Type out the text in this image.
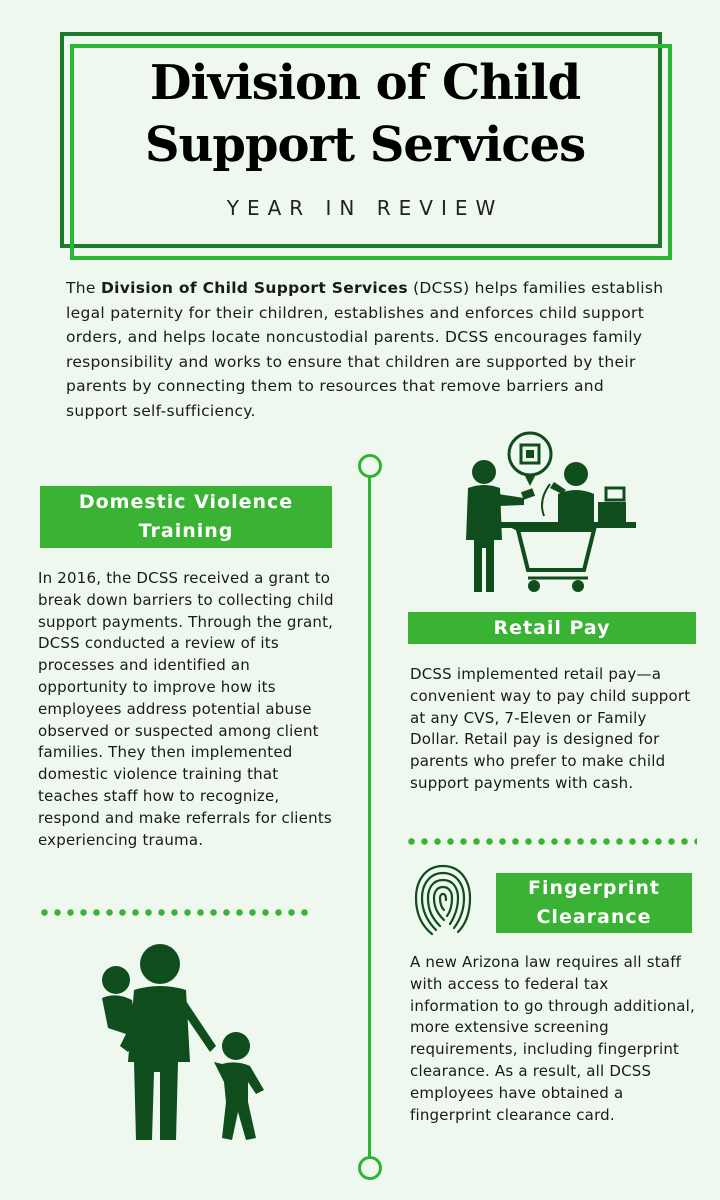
Division of Child Support Services
YEAR IN REVIEW

The Division of Child Support Services (DCSS) helps families establish legal paternity for their children, establishes and enforces child support orders, and helps locate noncustodial parents. DCSS encourages family responsibility and works to ensure that children are supported by their parents by connecting them to resources that remove barriers and support self-sufficiency.

Domestic Violence Training

In 2016, the DCSS received a grant to break down barriers to collecting child support payments. Through the grant, DCSS conducted a review of its processes and identified an opportunity to improve how its employees address potential abuse observed or suspected among client families. They then implemented domestic violence training that teaches staff how to recognize, respond and make referrals for clients experiencing trauma.

Retail Pay

DCSS implemented retail pay—a convenient way to pay child support at any CVS, 7-Eleven or Family Dollar. Retail pay is designed for parents who prefer to make child support payments with cash.

Fingerprint Clearance

A new Arizona law requires all staff with access to federal tax information to go through additional, more extensive screening requirements, including fingerprint clearance. As a result, all DCSS employees have obtained a fingerprint clearance card.
